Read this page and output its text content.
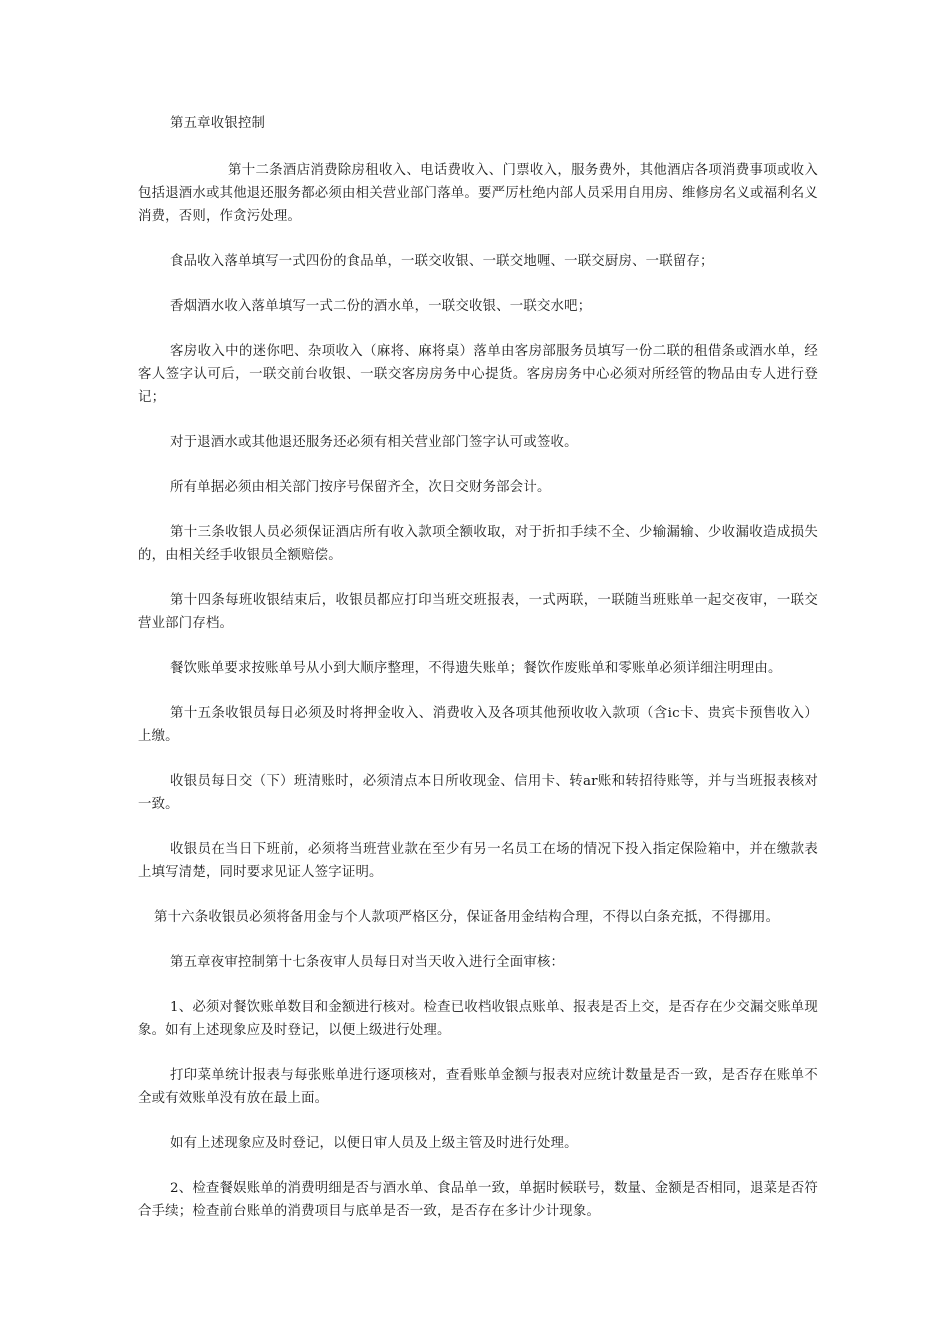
第五章收银控制

第十二条酒店消费除房租收入、电话费收入、门票收入，服务费外，其他酒店各项消费事项或收入包括退酒水或其他退还服务都必须由相关营业部门落单。要严厉杜绝内部人员采用自用房、维修房名义或福利名义消费，否则，作贪污处理。

食品收入落单填写一式四份的食品单，一联交收银、一联交地喱、一联交厨房、一联留存；

香烟酒水收入落单填写一式二份的酒水单，一联交收银、一联交水吧；

客房收入中的迷你吧、杂项收入（麻将、麻将桌）落单由客房部服务员填写一份二联的租借条或酒水单，经客人签字认可后，一联交前台收银、一联交客房房务中心提货。客房房务中心必须对所经管的物品由专人进行登记；

对于退酒水或其他退还服务还必须有相关营业部门签字认可或签收。

所有单据必须由相关部门按序号保留齐全，次日交财务部会计。

第十三条收银人员必须保证酒店所有收入款项全额收取，对于折扣手续不全、少输漏输、少收漏收造成损失的，由相关经手收银员全额赔偿。

第十四条每班收银结束后，收银员都应打印当班交班报表，一式两联，一联随当班账单一起交夜审，一联交营业部门存档。

餐饮账单要求按账单号从小到大顺序整理，不得遗失账单；餐饮作废账单和零账单必须详细注明理由。

第十五条收银员每日必须及时将押金收入、消费收入及各项其他预收收入款项（含ic卡、贵宾卡预售收入）上缴。

收银员每日交（下）班清账时，必须清点本日所收现金、信用卡、转ar账和转招待账等，并与当班报表核对一致。

收银员在当日下班前，必须将当班营业款在至少有另一名员工在场的情况下投入指定保险箱中，并在缴款表上填写清楚，同时要求见证人签字证明。

第十六条收银员必须将备用金与个人款项严格区分，保证备用金结构合理，不得以白条充抵，不得挪用。

第五章夜审控制第十七条夜审人员每日对当天收入进行全面审核：

1、必须对餐饮账单数目和金额进行核对。检查已收档收银点账单、报表是否上交，是否存在少交漏交账单现象。如有上述现象应及时登记，以便上级进行处理。

打印菜单统计报表与每张账单进行逐项核对，查看账单金额与报表对应统计数量是否一致，是否存在账单不全或有效账单没有放在最上面。

如有上述现象应及时登记，以便日审人员及上级主管及时进行处理。

2、检查餐娱账单的消费明细是否与酒水单、食品单一致，单据时候联号，数量、金额是否相同，退菜是否符合手续；检查前台账单的消费项目与底单是否一致，是否存在多计少计现象。
